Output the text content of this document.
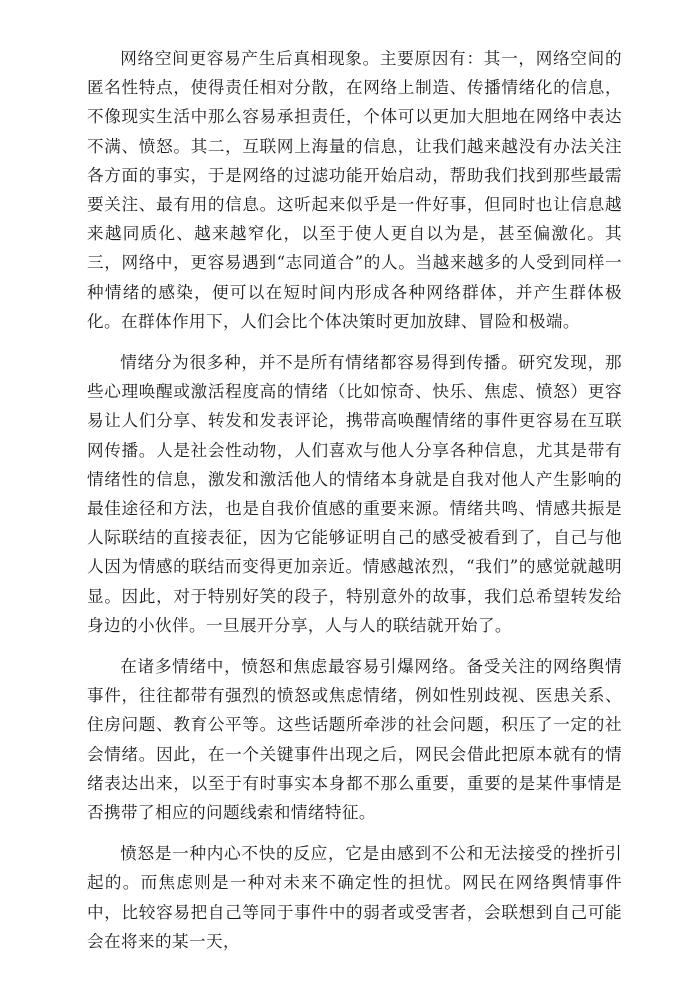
网络空间更容易产生后真相现象。主要原因有：其一，网络空间的匿名性特点，使得责任相对分散，在网络上制造、传播情绪化的信息，不像现实生活中那么容易承担责任，个体可以更加大胆地在网络中表达不满、愤怒。其二，互联网上海量的信息，让我们越来越没有办法关注各方面的事实，于是网络的过滤功能开始启动，帮助我们找到那些最需要关注、最有用的信息。这听起来似乎是一件好事，但同时也让信息越来越同质化、越来越窄化，以至于使人更自以为是，甚至偏激化。其三，网络中，更容易遇到“志同道合”的人。当越来越多的人受到同样一种情绪的感染，便可以在短时间内形成各种网络群体，并产生群体极化。在群体作用下，人们会比个体决策时更加放肆、冒险和极端。

情绪分为很多种，并不是所有情绪都容易得到传播。研究发现，那些心理唤醒或激活程度高的情绪（比如惊奇、快乐、焦虑、愤怒）更容易让人们分享、转发和发表评论，携带高唤醒情绪的事件更容易在互联网传播。人是社会性动物，人们喜欢与他人分享各种信息，尤其是带有情绪性的信息，激发和激活他人的情绪本身就是自我对他人产生影响的最佳途径和方法，也是自我价值感的重要来源。情绪共鸣、情感共振是人际联结的直接表征，因为它能够证明自己的感受被看到了，自己与他人因为情感的联结而变得更加亲近。情感越浓烈，“我们”的感觉就越明显。因此，对于特别好笑的段子，特别意外的故事，我们总希望转发给身边的小伙伴。一旦展开分享，人与人的联结就开始了。

在诸多情绪中，愤怒和焦虑最容易引爆网络。备受关注的网络舆情事件，往往都带有强烈的愤怒或焦虑情绪，例如性别歧视、医患关系、住房问题、教育公平等。这些话题所牵涉的社会问题，积压了一定的社会情绪。因此，在一个关键事件出现之后，网民会借此把原本就有的情绪表达出来，以至于有时事实本身都不那么重要，重要的是某件事情是否携带了相应的问题线索和情绪特征。

愤怒是一种内心不快的反应，它是由感到不公和无法接受的挫折引起的。而焦虑则是一种对未来不确定性的担忧。网民在网络舆情事件中，比较容易把自己等同于事件中的弱者或受害者，会联想到自己可能会在将来的某一天，
